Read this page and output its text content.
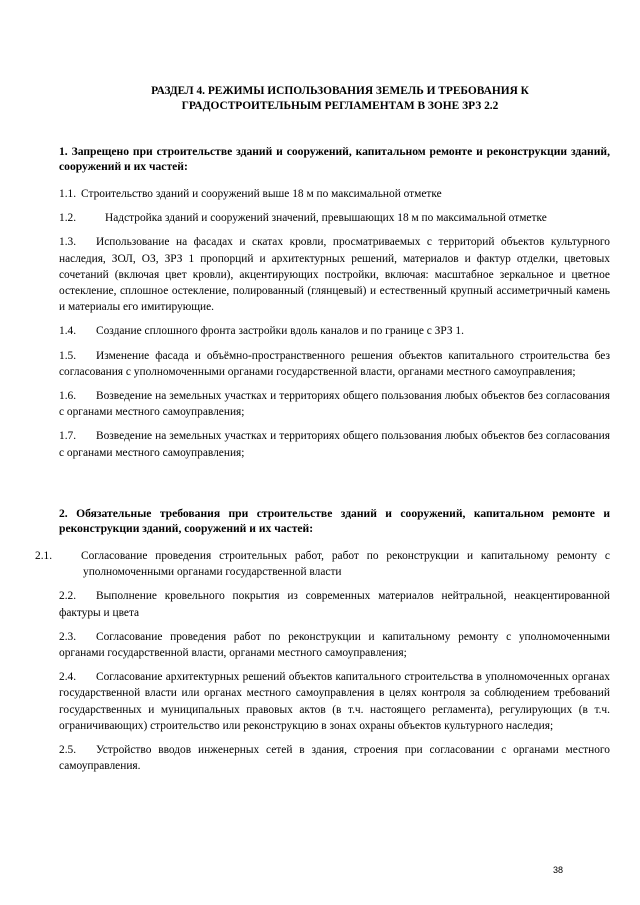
РАЗДЕЛ 4. РЕЖИМЫ ИСПОЛЬЗОВАНИЯ ЗЕМЕЛЬ И ТРЕБОВАНИЯ К
ГРАДОСТРОИТЕЛЬНЫМ РЕГЛАМЕНТАМ В ЗОНЕ ЗРЗ 2.2

1. Запрещено при строительстве зданий и сооружений, капитальном ремонте и реконструкции зданий, сооружений и их частей:

1.1. Строительство зданий и сооружений выше 18 м по максимальной отметке

1.2.	Надстройка зданий и сооружений значений, превышающих 18 м по максимальной отметке

1.3. Использование на фасадах и скатах кровли, просматриваемых с территорий объектов культурного наследия, ЗОЛ, ОЗ, ЗРЗ 1 пропорций и архитектурных решений, материалов и фактур отделки, цветовых сочетаний (включая цвет кровли), акцентирующих постройки, включая: масштабное зеркальное и цветное остекление, сплошное остекление, полированный (глянцевый) и естественный крупный ассиметричный камень и материалы его имитирующие.

1.4. Создание сплошного фронта застройки вдоль каналов и по границе с ЗРЗ 1.

1.5. Изменение фасада и объёмно-пространственного решения объектов капитального строительства без согласования с уполномоченными органами государственной власти, органами местного самоуправления;

1.6. Возведение на земельных участках и территориях общего пользования любых объектов без согласования с органами местного самоуправления;

1.7. Возведение на земельных участках и территориях общего пользования любых объектов без согласования с органами местного самоуправления;

2. Обязательные требования при строительстве зданий и сооружений, капитальном ремонте и реконструкции зданий, сооружений и их частей:

2.1.	Согласование проведения строительных работ, работ по реконструкции и капитальному ремонту с уполномоченными органами государственной власти

2.2. Выполнение кровельного покрытия из современных материалов нейтральной, неакцентированной фактуры и цвета

2.3. Согласование проведения работ по реконструкции и капитальному ремонту с уполномоченными органами государственной власти, органами местного самоуправления;

2.4. Согласование архитектурных решений объектов капитального строительства в уполномоченных органах государственной власти или органах местного самоуправления в целях контроля за соблюдением требований государственных и муниципальных правовых актов (в т.ч. настоящего регламента), регулирующих (в т.ч. ограничивающих) строительство или реконструкцию в зонах охраны объектов культурного наследия;

2.5. Устройство вводов инженерных сетей в здания, строения при согласовании с органами местного самоуправления.

38
